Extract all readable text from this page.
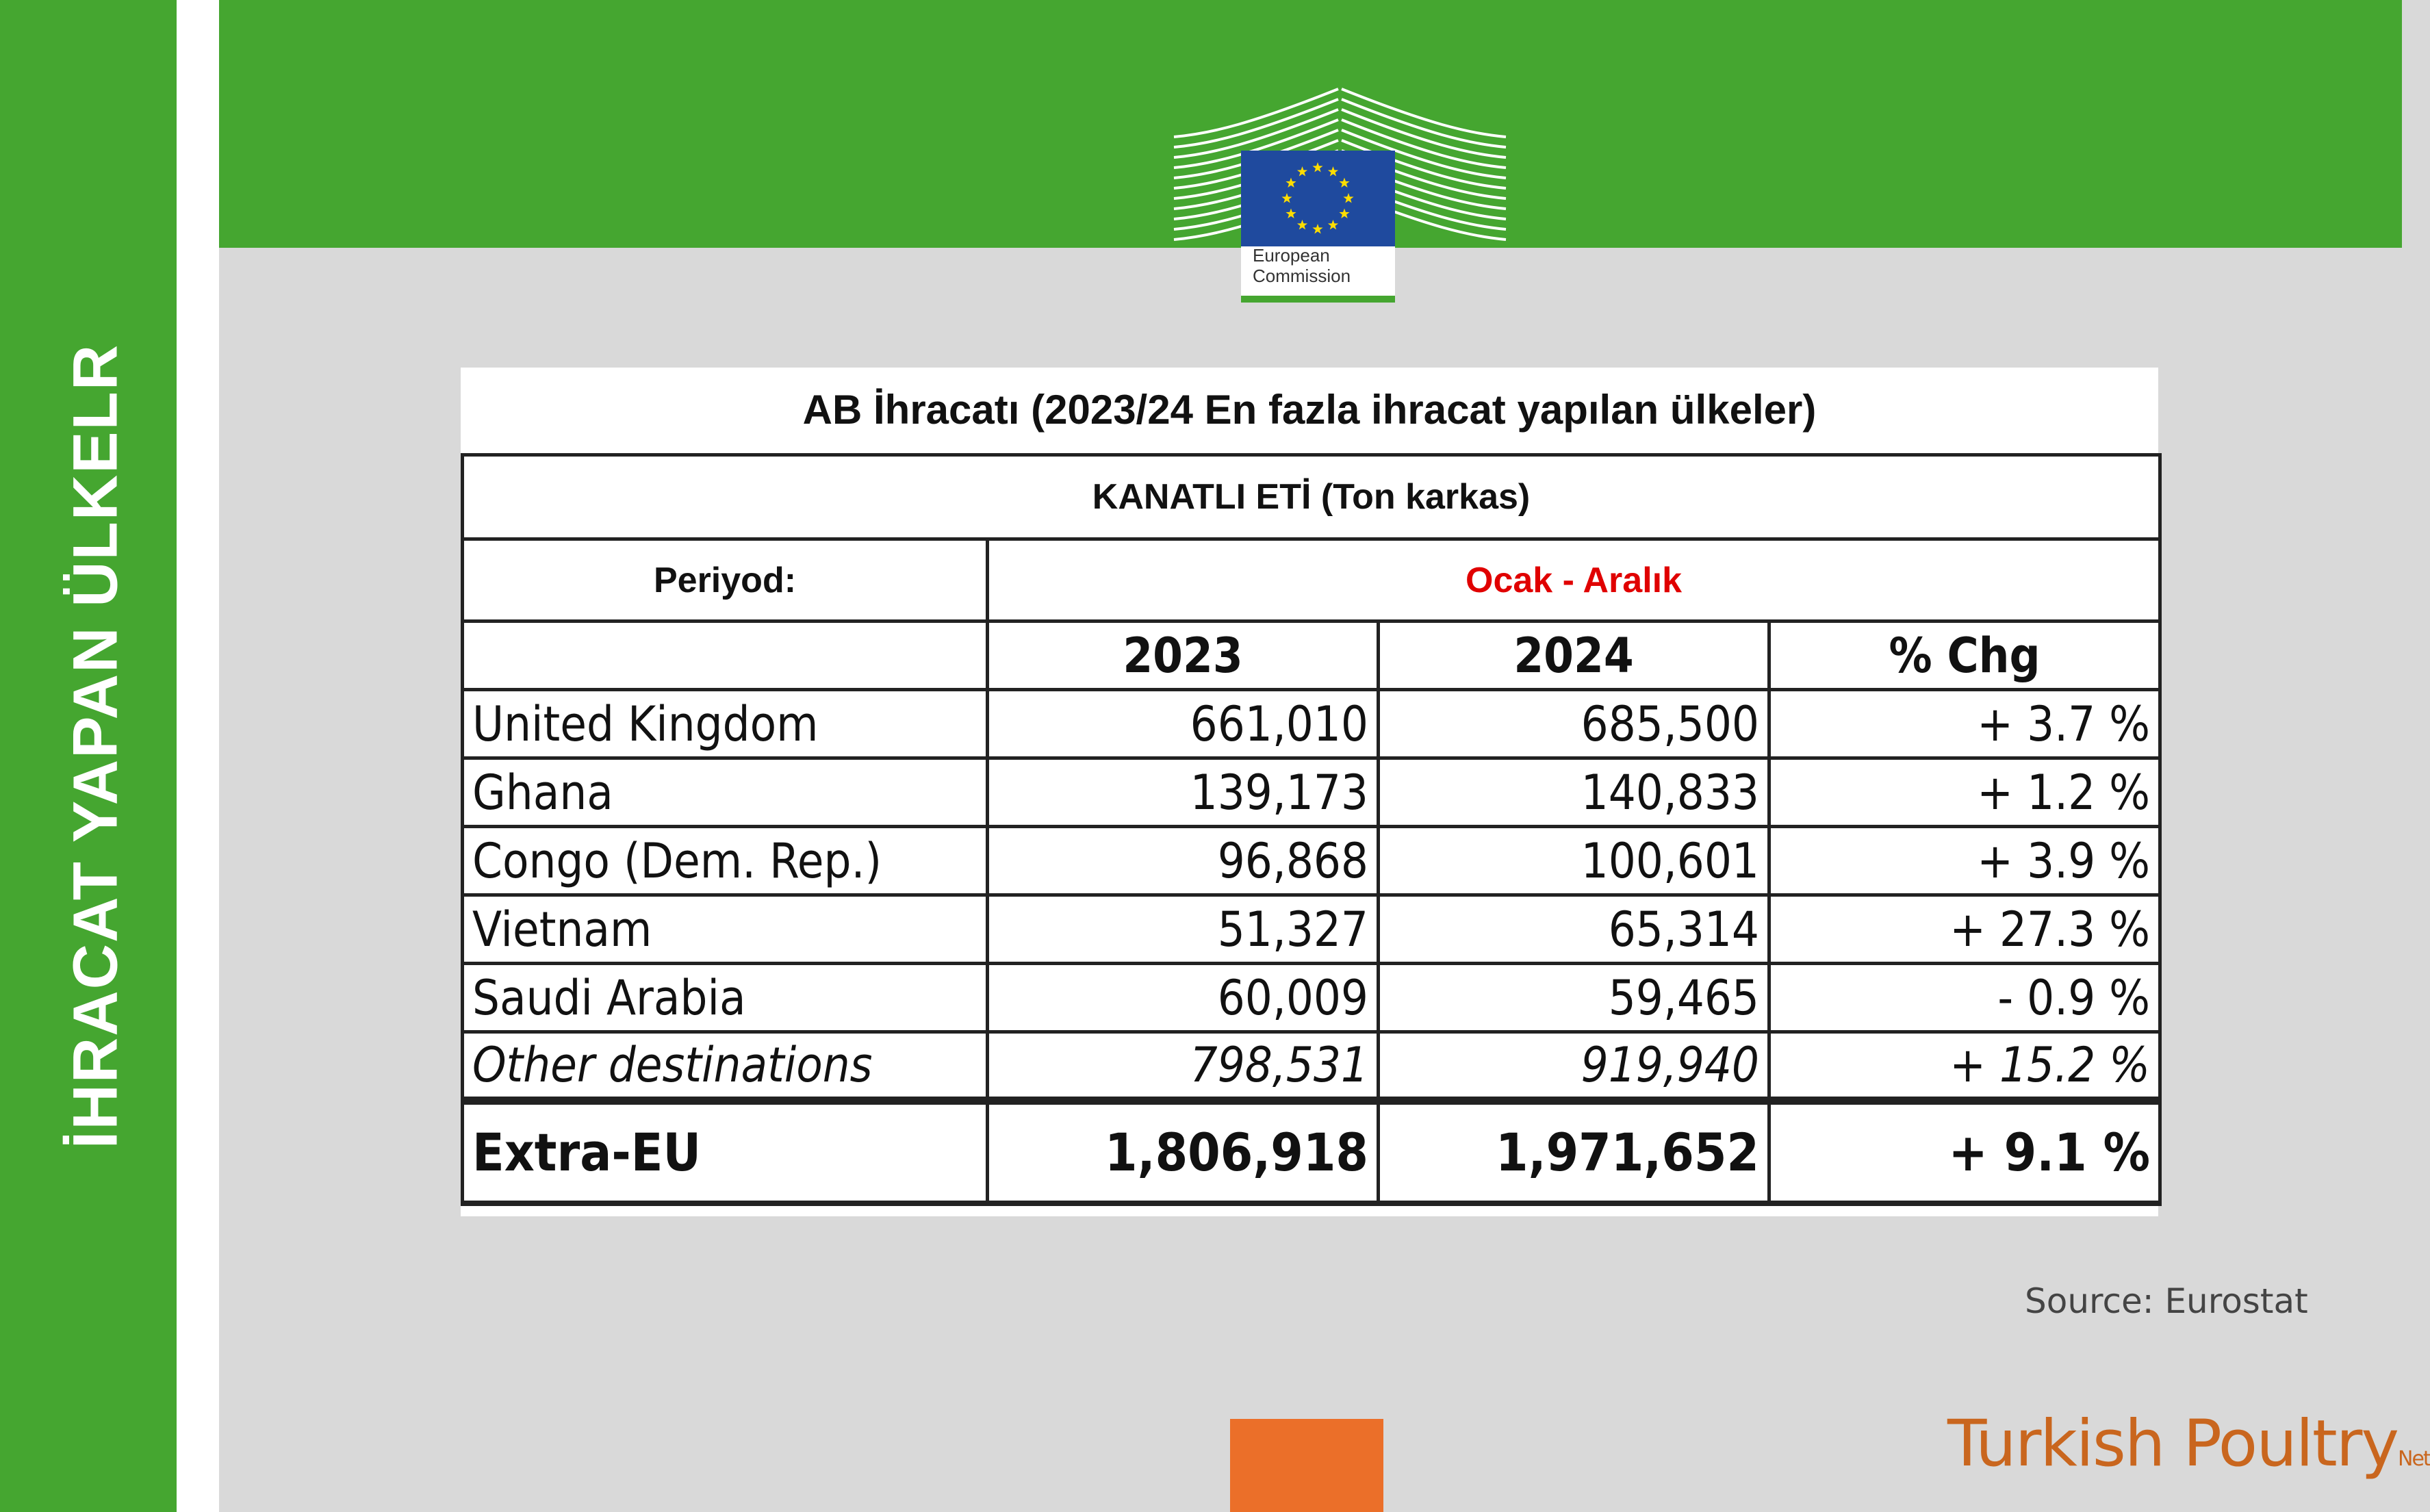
İHRACAT YAPAN ÜLKELR
European
Commission
AB İhracatı (2023/24 En fazla ihracat yapılan ülkeler)
KANATLI ETİ (Ton karkas)			
Periyod:	Ocak - Aralık		
	2023	2024	% Chg
United Kingdom	661,010	685,500	+ 3.7 %
Ghana	139,173	140,833	+ 1.2 %
Congo (Dem. Rep.)	96,868	100,601	+ 3.9 %
Vietnam	51,327	65,314	+ 27.3 %
Saudi Arabia	60,009	59,465	- 0.9 %
Other destinations	798,531	919,940	+ 15.2 %
Extra-EU	1,806,918	1,971,652	+ 9.1 %
Source: Eurostat
Turkish PoultryNet
